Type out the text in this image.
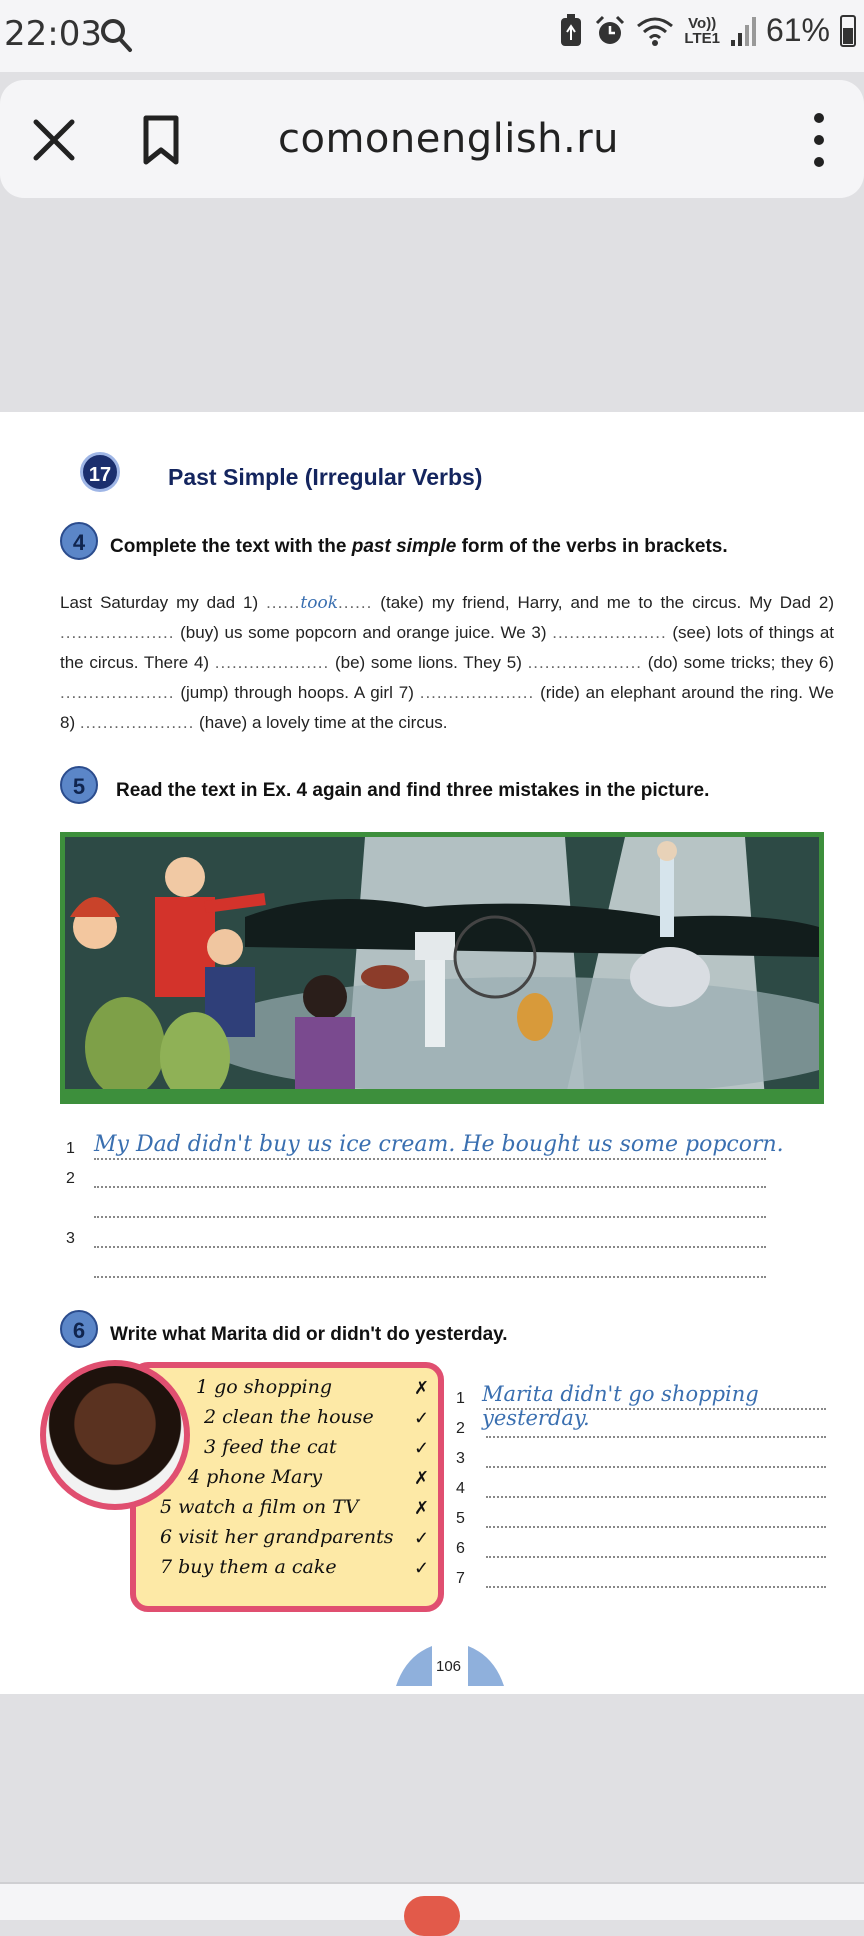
22:03	Vo))
LTE1 61%
comonenglish.ru
17	Past Simple (Irregular Verbs)
4	Complete the text with the past simple form of the verbs in brackets.
Last Saturday my dad 1) ......took...... (take) my friend, Harry, and me to the circus. My Dad 2) .................... (buy) us some popcorn and orange juice. We 3) .................... (see) lots of things at the circus. There 4) .................... (be) some lions. They 5) .................... (do) some tricks; they 6) .................... (jump) through hoops. A girl 7) .................... (ride) an elephant around the ring. We 8) .................... (have) a lovely time at the circus.
5	Read the text in Ex. 4 again and find three mistakes in the picture.
1 My Dad didn't buy us ice cream. He bought us some popcorn.
2
3
6	Write what Marita did or didn't do yesterday.
1 go shopping	✗
2 clean the house ✓
3 feed the cat	✓
4 phone Mary	✗
5 watch a film on TV	✗
6 visit her grandparents ✓
7 buy them a cake	✓
1 Marita didn't go shopping yesterday.
2
3
4
5
6
7
106
